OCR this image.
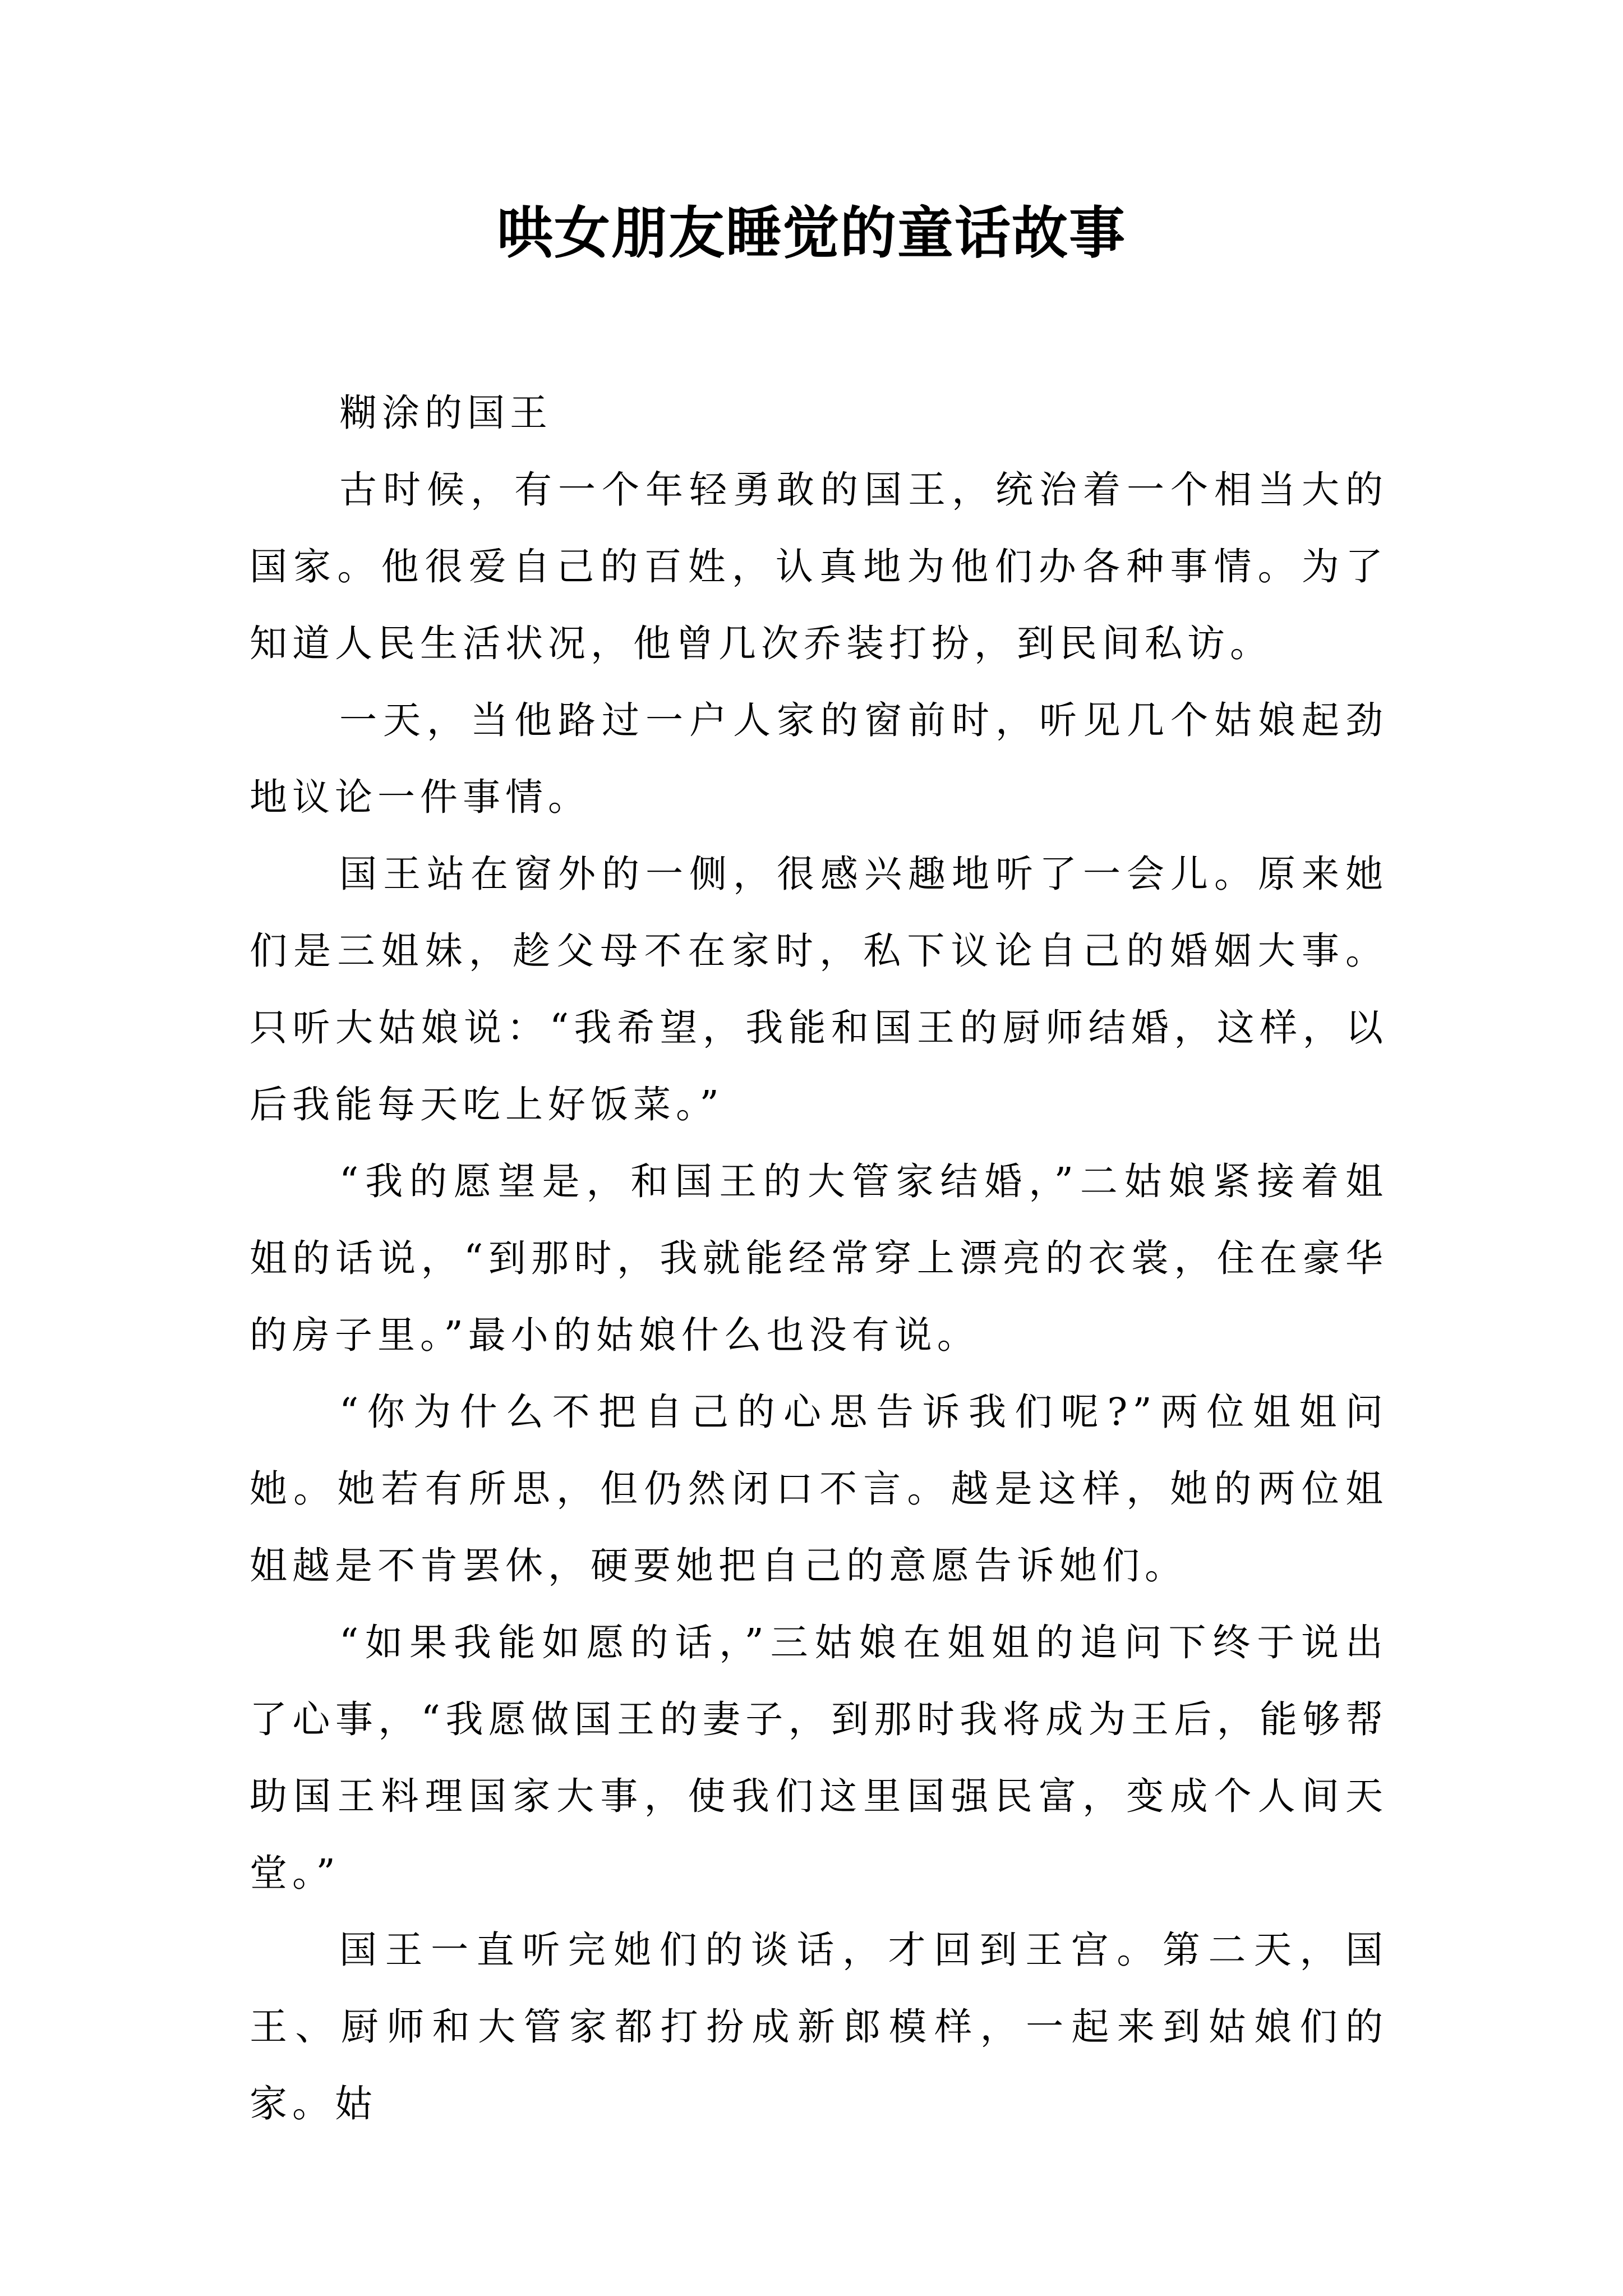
哄女朋友睡觉的童话故事

糊涂的国王

古时候，有一个年轻勇敢的国王，统治着一个相当大的国家。他很爱自己的百姓，认真地为他们办各种事情。为了知道人民生活状况，他曾几次乔装打扮，到民间私访。

一天，当他路过一户人家的窗前时，听见几个姑娘起劲地议论一件事情。

国王站在窗外的一侧，很感兴趣地听了一会儿。原来她们是三姐妹，趁父母不在家时，私下议论自己的婚姻大事。只听大姑娘说：“我希望，我能和国王的厨师结婚，这样，以后我能每天吃上好饭菜。”

“我的愿望是，和国王的大管家结婚，”二姑娘紧接着姐姐的话说，“到那时，我就能经常穿上漂亮的衣裳，住在豪华的房子里。”最小的姑娘什么也没有说。

“你为什么不把自己的心思告诉我们呢?”两位姐姐问她。她若有所思，但仍然闭口不言。越是这样，她的两位姐姐越是不肯罢休，硬要她把自己的意愿告诉她们。

“如果我能如愿的话，”三姑娘在姐姐的追问下终于说出了心事，“我愿做国王的妻子，到那时我将成为王后，能够帮助国王料理国家大事，使我们这里国强民富，变成个人间天堂。”

国王一直听完她们的谈话，才回到王宫。第二天，国王、厨师和大管家都打扮成新郎模样，一起来到姑娘们的家。姑
